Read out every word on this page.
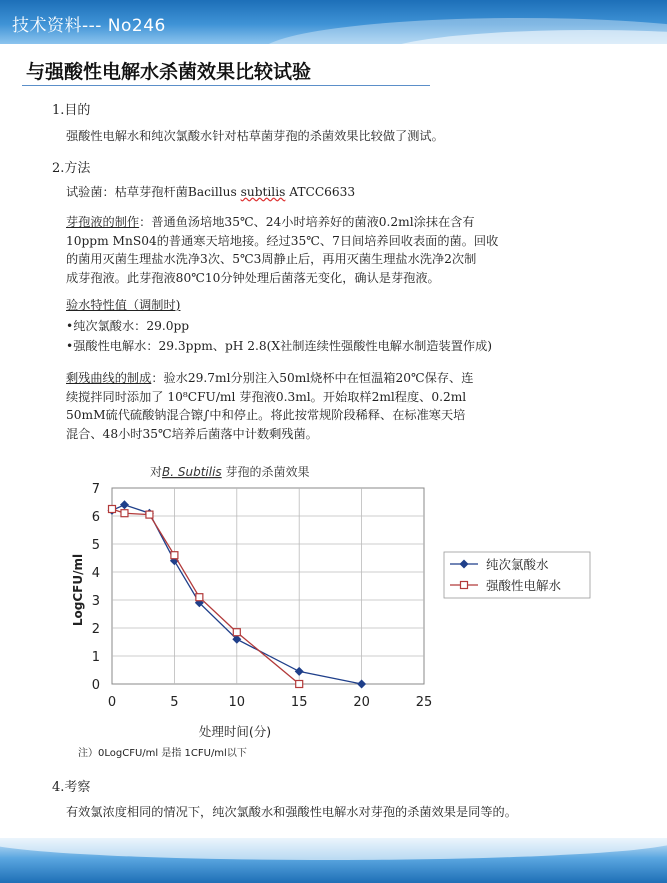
技术资料--- No246
与强酸性电解水杀菌效果比较试验
1.目的
强酸性电解水和纯次氯酸水针对枯草菌芽孢的杀菌效果比较做了测试。
2.方法
试验菌：枯草芽孢杆菌Bacillus subtilis ATCC6633
芽孢液的制作：普通鱼汤培地35℃、24小时培养好的菌液0.2ml涂抹在含有
10ppm MnS04的普通寒天培地接。经过35℃、7日间培养回收表面的菌。回收
的菌用灭菌生理盐水洗净3次、5℃3周静止后，再用灭菌生理盐水洗净2次制
成芽孢液。此芽孢液80℃10分钟处理后菌落无变化，确认是芽孢液。
验水特性值（调制时)
•纯次氯酸水：29.0pp
•强酸性电解水：29.3ppm、pH 2.8(X社制连续性强酸性电解水制造装置作成)
剩残曲线的制成：验水29.7ml分别注入50ml烧杯中在恒温箱20℃保存、连
续搅拌同时添加了 10⁸CFU/ml 芽孢液0.3ml。开始取样2ml程度、0.2ml
50mM硫代硫酸钠混合镲∫中和停止。将此按常规阶段稀释、在标准寒天培
混合、48小时35℃培养后菌落中计数剩残菌。
对B. Subtilis 芽孢的杀菌效果
0
1
2
3
4
5
6
7
0	5	10	15	20	25
LogCFU/ml
处理时间(分)
注）0LogCFU/ml 是指 1CFU/ml以下
纯次氯酸水
强酸性电解水
4.考察
有效氯浓度相同的情况下，纯次氯酸水和强酸性电解水对芽孢的杀菌效果是同等的。
